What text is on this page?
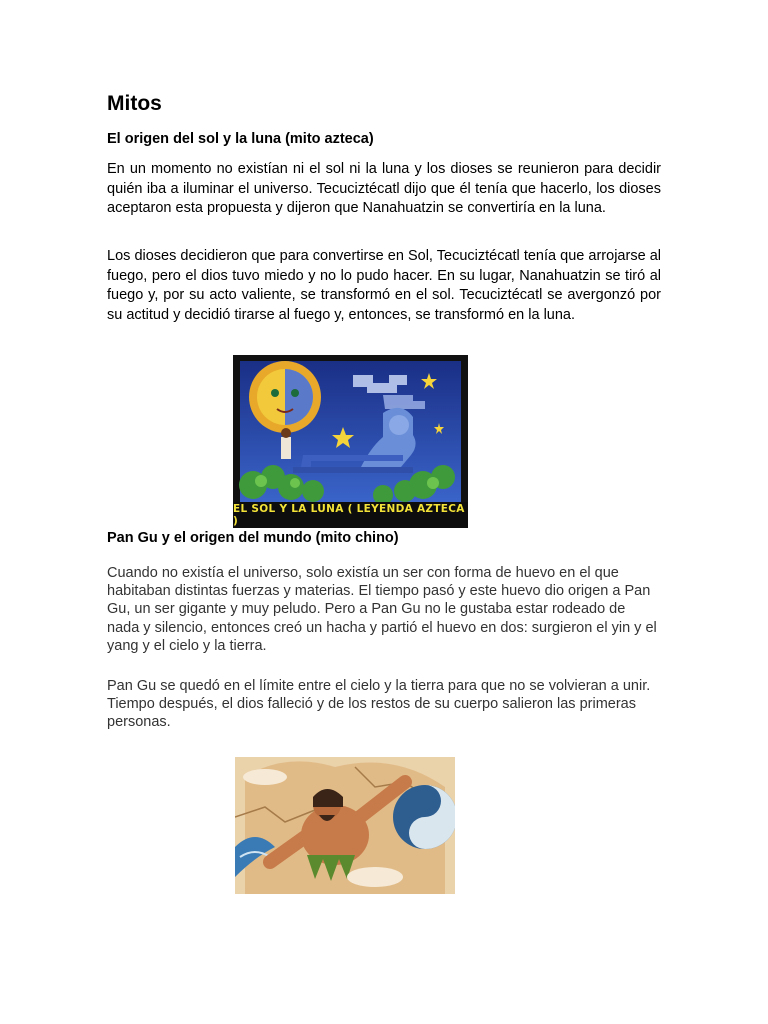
Mitos
El origen del sol y la luna (mito azteca)

En un momento no existían ni el sol ni la luna y los dioses se reunieron para decidir quién iba a iluminar el universo. Tecuciztécatl dijo que él tenía que hacerlo, los dioses aceptaron esta propuesta y dijeron que Nanahuatzin se convertiría en la luna.

Los dioses decidieron que para convertirse en Sol, Tecuciztécatl tenía que arrojarse al fuego, pero el dios tuvo miedo y no lo pudo hacer. En su lugar, Nanahuatzin se tiró al fuego y, por su acto valiente, se transformó en el sol. Tecuciztécatl se avergonzó por su actitud y decidió tirarse al fuego y, entonces, se transformó en la luna.

Pan Gu y el origen del mundo (mito chino)

Cuando no existía el universo, solo existía un ser con forma de huevo en el que habitaban distintas fuerzas y materias. El tiempo pasó y este huevo dio origen a Pan Gu, un ser gigante y muy peludo. Pero a Pan Gu no le gustaba estar rodeado de nada y silencio, entonces creó un hacha y partió el huevo en dos: surgieron el yin y el yang y el cielo y la tierra.

Pan Gu se quedó en el límite entre el cielo y la tierra para que no se volvieran a unir. Tiempo después, el dios falleció y de los restos de su cuerpo salieron las primeras personas.

EL SOL Y LA LUNA ( LEYENDA AZTECA )
